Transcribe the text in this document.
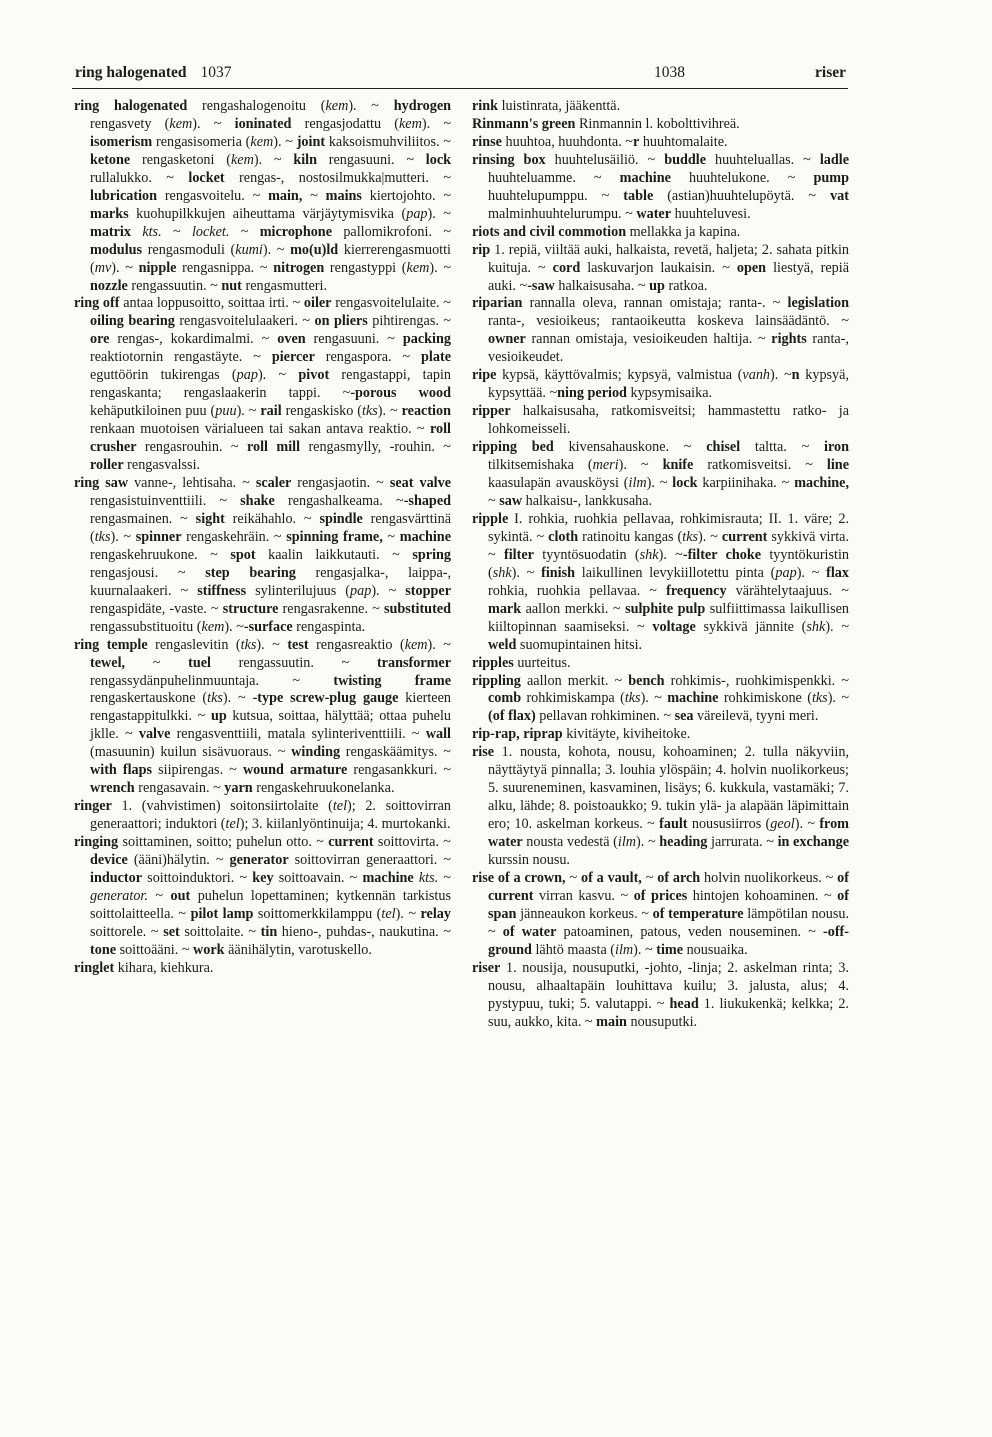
ring halogenated 1037	1038	riser

ring halogenated rengashalogenoitu (kem). ~ hydrogen rengasvety (kem). ~ ioninated rengasjodattu (kem). ~ isomerism rengasisomeria (kem). ~ joint kaksoismuhviliitos. ~ ketone rengasketoni (kem). ~ kiln rengasuuni. ~ lock rullalukko. ~ locket rengas-, nostosilmukka|mutteri. ~ lubrication rengasvoitelu. ~ main, ~ mains kiertojohto. ~ marks kuohupilkkujen aiheuttama värjäytymisvika (pap). ~ matrix kts. ~ locket. ~ microphone pallomikrofoni. ~ modulus rengasmoduli (kumi). ~ mo(u)ld kierrerengasmuotti (mv). ~ nipple rengasnippa. ~ nitrogen rengastyppi (kem). ~ nozzle rengassuutin. ~ nut rengasmutteri.

ring off antaa loppusoitto, soittaa irti. ~ oiler rengasvoitelulaite. ~ oiling bearing rengasvoitelulaakeri. ~ on pliers pihtirengas. ~ ore rengas-, kokardimalmi. ~ oven rengasuuni. ~ packing reaktiotornin rengastäyte. ~ piercer rengaspora. ~ plate eguttöörin tukirengas (pap). ~ pivot rengastappi, tapin rengaskanta; rengaslaakerin tappi. ~-porous wood kehäputkiloinen puu (puu). ~ rail rengaskisko (tks). ~ reaction renkaan muotoisen värialueen tai sakan antava reaktio. ~ roll crusher rengasrouhin. ~ roll mill rengasmylly, -rouhin. ~ roller rengasvalssi.

ring saw vanne-, lehtisaha. ~ scaler rengasjaotin. ~ seat valve rengasistuinventtiili. ~ shake rengashalkeama. ~-shaped rengasmainen. ~ sight reikähahlo. ~ spindle rengasvärttinä (tks). ~ spinner rengaskehräin. ~ spinning frame, ~ machine rengaskehruukone. ~ spot kaalin laikkutauti. ~ spring rengasjousi. ~ step bearing rengasjalka-, laippa-, kuurnalaakeri. ~ stiffness sylinterilujuus (pap). ~ stopper rengaspidäte, -vaste. ~ structure rengasrakenne. ~ substituted rengassubstituoitu (kem). ~-surface rengaspinta.

ring temple rengaslevitin (tks). ~ test rengasreaktio (kem). ~ tewel, ~ tuel rengassuutin. ~ transformer rengassydänpuhelinmuuntaja. ~ twisting frame rengaskertauskone (tks). ~ -type screw-plug gauge kierteen rengastappitulkki. ~ up kutsua, soittaa, hälyttää; ottaa puhelu jklle. ~ valve rengasventtiili, matala sylinteriventtiili. ~ wall (masuunin) kuilun sisävuoraus. ~ winding rengaskäämitys. ~ with flaps siipirengas. ~ wound armature rengasankkuri. ~ wrench rengasavain. ~ yarn rengaskehruukonelanka.

ringer 1. (vahvistimen) soitonsiirtolaite (tel); 2. soittovirran generaattori; induktori (tel); 3. kiilanlyöntinuija; 4. murtokanki.

ringing soittaminen, soitto; puhelun otto. ~ current soittovirta. ~ device (ääni)hälytin. ~ generator soittovirran generaattori. ~ inductor soittoinduktori. ~ key soittoavain. ~ machine kts. ~ generator. ~ out puhelun lopettaminen; kytkennän tarkistus soittolaitteella. ~ pilot lamp soittomerkkilamppu (tel). ~ relay soittorele. ~ set soittolaite. ~ tin hieno-, puhdas-, naukutina. ~ tone soittoääni. ~ work äänihälytin, varotuskello.

ringlet kihara, kiehkura.

rink luistinrata, jääkenttä.

Rinmann's green Rinmannin l. kobolttivihreä.

rinse huuhtoa, huuhdonta. ~r huuhtomalaite.

rinsing box huuhtelusäiliö. ~ buddle huuhteluallas. ~ ladle huuhteluamme. ~ machine huuhtelukone. ~ pump huuhtelupumppu. ~ table (astian)huuhtelupöytä. ~ vat malminhuuhtelurumpu. ~ water huuhteluvesi.

riots and civil commotion mellakka ja kapina.

rip 1. repiä, viiltää auki, halkaista, revetä, haljeta; 2. sahata pitkin kuituja. ~ cord laskuvarjon laukaisin. ~ open liestyä, repiä auki. ~-saw halkaisusaha. ~ up ratkoa.

riparian rannalla oleva, rannan omistaja; ranta-. ~ legislation ranta-, vesioikeus; rantaoikeutta koskeva lainsäädäntö. ~ owner rannan omistaja, vesioikeuden haltija. ~ rights ranta-, vesioikeudet.

ripe kypsä, käyttövalmis; kypsyä, valmistua (vanh). ~n kypsyä, kypsyttää. ~ning period kypsymisaika.

ripper halkaisusaha, ratkomisveitsi; hammastettu ratko- ja lohkomeisseli.

ripping bed kivensahauskone. ~ chisel taltta. ~ iron tilkitsemishaka (meri). ~ knife ratkomisveitsi. ~ line kaasulapän avausköysi (ilm). ~ lock karpiinihaka. ~ machine, ~ saw halkaisu-, lankkusaha.

ripple I. rohkia, ruohkia pellavaa, rohkimisrauta; II. 1. väre; 2. sykintä. ~ cloth ratinoitu kangas (tks). ~ current sykkivä virta. ~ filter tyyntösuodatin (shk). ~-filter choke tyyntökuristin (shk). ~ finish laikullinen levykiillotettu pinta (pap). ~ flax rohkia, ruohkia pellavaa. ~ frequency värähtelytaajuus. ~ mark aallon merkki. ~ sulphite pulp sulfiittimassa laikullisen kiiltopinnan saamiseksi. ~ voltage sykkivä jännite (shk). ~ weld suomupintainen hitsi.

ripples uurteitus.

rippling aallon merkit. ~ bench rohkimis-, ruohkimispenkki. ~ comb rohkimiskampa (tks). ~ machine rohkimiskone (tks). ~ (of flax) pellavan rohkiminen. ~ sea väreilevä, tyyni meri.

rip-rap, riprap kivitäyte, kiviheitoke.

rise 1. nousta, kohota, nousu, kohoaminen; 2. tulla näkyviin, näyttäytyä pinnalla; 3. louhia ylöspäin; 4. holvin nuolikorkeus; 5. suureneminen, kasvaminen, lisäys; 6. kukkula, vastamäki; 7. alku, lähde; 8. poistoaukko; 9. tukin ylä- ja alapään läpimittain ero; 10. askelman korkeus. ~ fault noususiirros (geol). ~ from water nousta vedestä (ilm). ~ heading jarrurata. ~ in exchange kurssin nousu.

rise of a crown, ~ of a vault, ~ of arch holvin nuolikorkeus. ~ of current virran kasvu. ~ of prices hintojen kohoaminen. ~ of span jänneaukon korkeus. ~ of temperature lämpötilan nousu. ~ of water patoaminen, patous, veden nouseminen. ~ -off-ground lähtö maasta (ilm). ~ time nousuaika.

riser 1. nousija, nousuputki, -johto, -linja; 2. askelman rinta; 3. nousu, alhaaltapäin louhittava kuilu; 3. jalusta, alus; 4. pystypuu, tuki; 5. valutappi. ~ head 1. liukukenkä; kelkka; 2. suu, aukko, kita. ~ main nousuputki.
